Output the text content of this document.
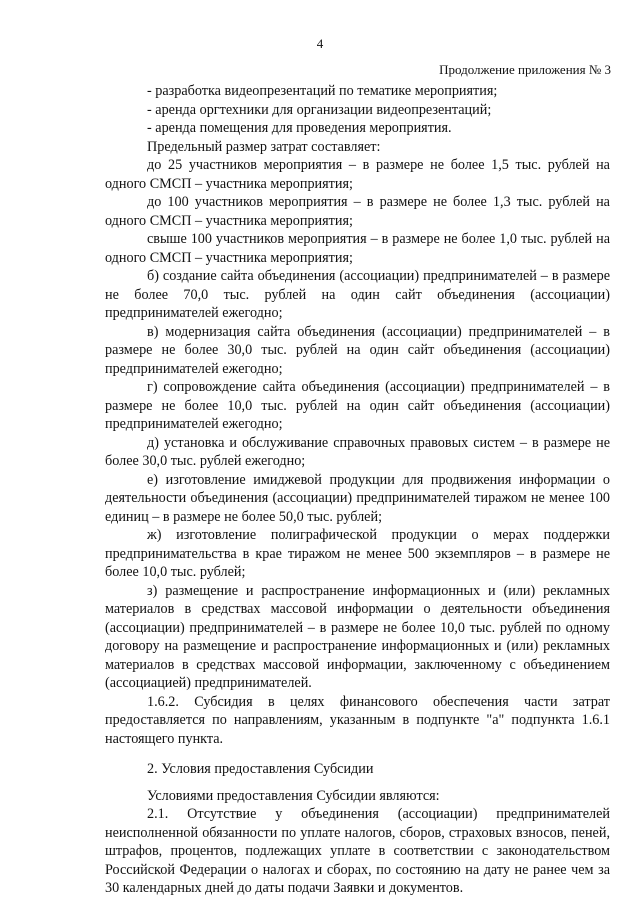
4
Продолжение приложения № 3

- разработка видеопрезентаций по тематике мероприятия;

- аренда оргтехники для организации видеопрезентаций;

- аренда помещения для проведения мероприятия.

Предельный размер затрат составляет:

до 25 участников мероприятия – в размере не более 1,5 тыс. рублей на одного СМСП – участника мероприятия;

до 100 участников мероприятия – в размере не более 1,3 тыс. рублей на одного СМСП – участника мероприятия;

свыше 100 участников мероприятия – в размере не более 1,0 тыс. рублей на одного СМСП – участника мероприятия;

б) создание сайта объединения (ассоциации) предпринимателей – в размере не более 70,0 тыс. рублей на один сайт объединения (ассоциации) предпринимателей ежегодно;

в) модернизация сайта объединения (ассоциации) предпринимателей – в размере не более 30,0 тыс. рублей на один сайт объединения (ассоциации) предпринимателей ежегодно;

г) сопровождение сайта объединения (ассоциации) предпринимателей – в размере не более 10,0 тыс. рублей на один сайт объединения (ассоциации) предпринимателей ежегодно;

д) установка и обслуживание справочных правовых систем – в размере не более 30,0 тыс. рублей ежегодно;

е) изготовление имиджевой продукции для продвижения информации о деятельности объединения (ассоциации) предпринимателей тиражом не менее 100 единиц – в размере не более 50,0 тыс. рублей;

ж) изготовление полиграфической продукции о мерах поддержки предпринимательства в крае тиражом не менее 500 экземпляров – в размере не более 10,0 тыс. рублей;

з) размещение и распространение информационных и (или) рекламных материалов в средствах массовой информации о деятельности объединения (ассоциации) предпринимателей – в размере не более 10,0 тыс. рублей по одному договору на размещение и распространение информационных и (или) рекламных материалов в средствах массовой информации, заключенному с объединением (ассоциацией) предпринимателей.

1.6.2. Субсидия в целях финансового обеспечения части затрат предоставляется по направлениям, указанным в подпункте "а" подпункта 1.6.1 настоящего пункта.

2. Условия предоставления Субсидии

Условиями предоставления Субсидии являются:

2.1. Отсутствие у объединения (ассоциации) предпринимателей неисполненной обязанности по уплате налогов, сборов, страховых взносов, пеней, штрафов, процентов, подлежащих уплате в соответствии с законодательством Российской Федерации о налогах и сборах, по состоянию на дату не ранее чем за 30 календарных дней до даты подачи Заявки и документов.
